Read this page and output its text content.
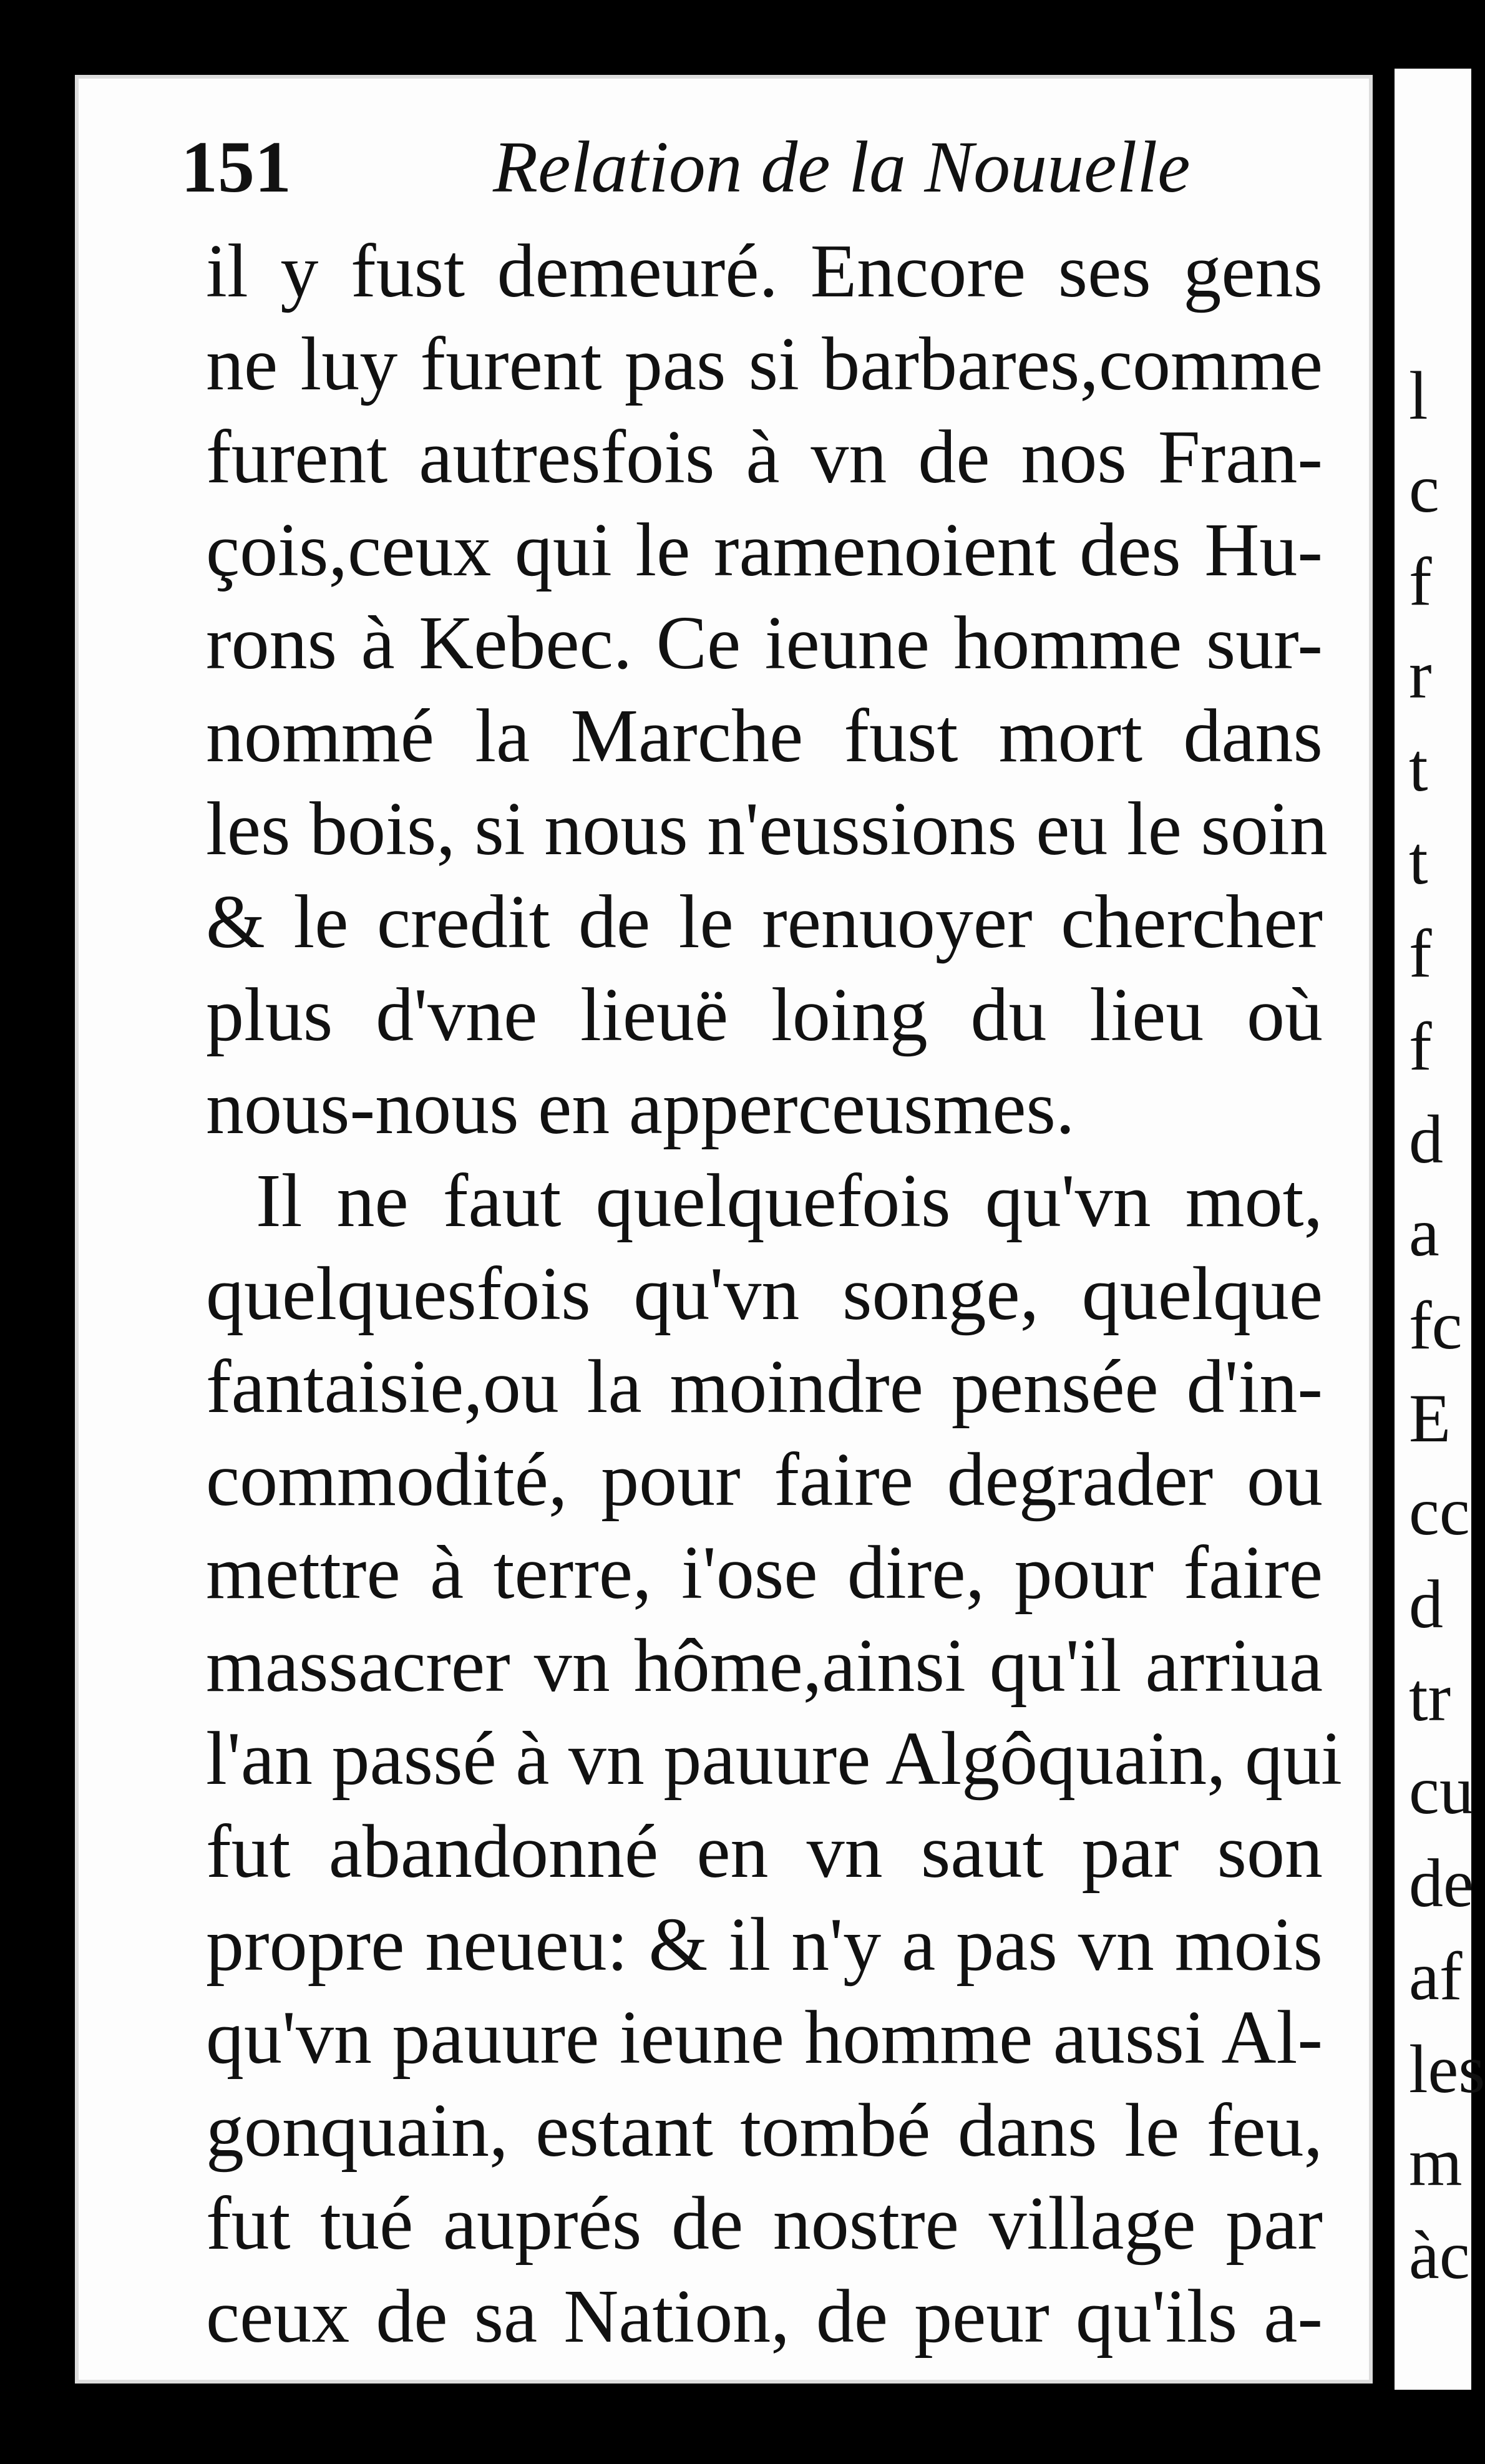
151	Relation de la Nouuelle
il y fust demeuré. Encore ses gens
ne luy furent pas si barbares,comme
furent autresfois à vn de nos Fran-
çois,ceux qui le ramenoient des Hu-
rons à Kebec. Ce ieune homme sur-
nommé la Marche fust mort dans
les bois, si nous n'eussions eu le soin
& le credit de le renuoyer chercher
plus d'vne lieuë loing du lieu où
nous-nous en apperceusmes.
Il ne faut quelquefois qu'vn mot,
quelquesfois qu'vn songe, quelque
fantaisie,ou la moindre pensée d'in-
commodité, pour faire degrader ou
mettre à terre, i'ose dire, pour faire
massacrer vn hôme,ainsi qu'il arriua
l'an passé à vn pauure Algôquain, qui
fut abandonné en vn saut par son
propre neueu: & il n'y a pas vn mois
qu'vn pauure ieune homme aussi Al-
gonquain, estant tombé dans le feu,
fut tué auprés de nostre village par
ceux de sa Nation, de peur qu'ils a-
l
c
f
r
t
t
f
f
d
a
fc
E
cc
d
tr
cu
de
af
les
m
àc
